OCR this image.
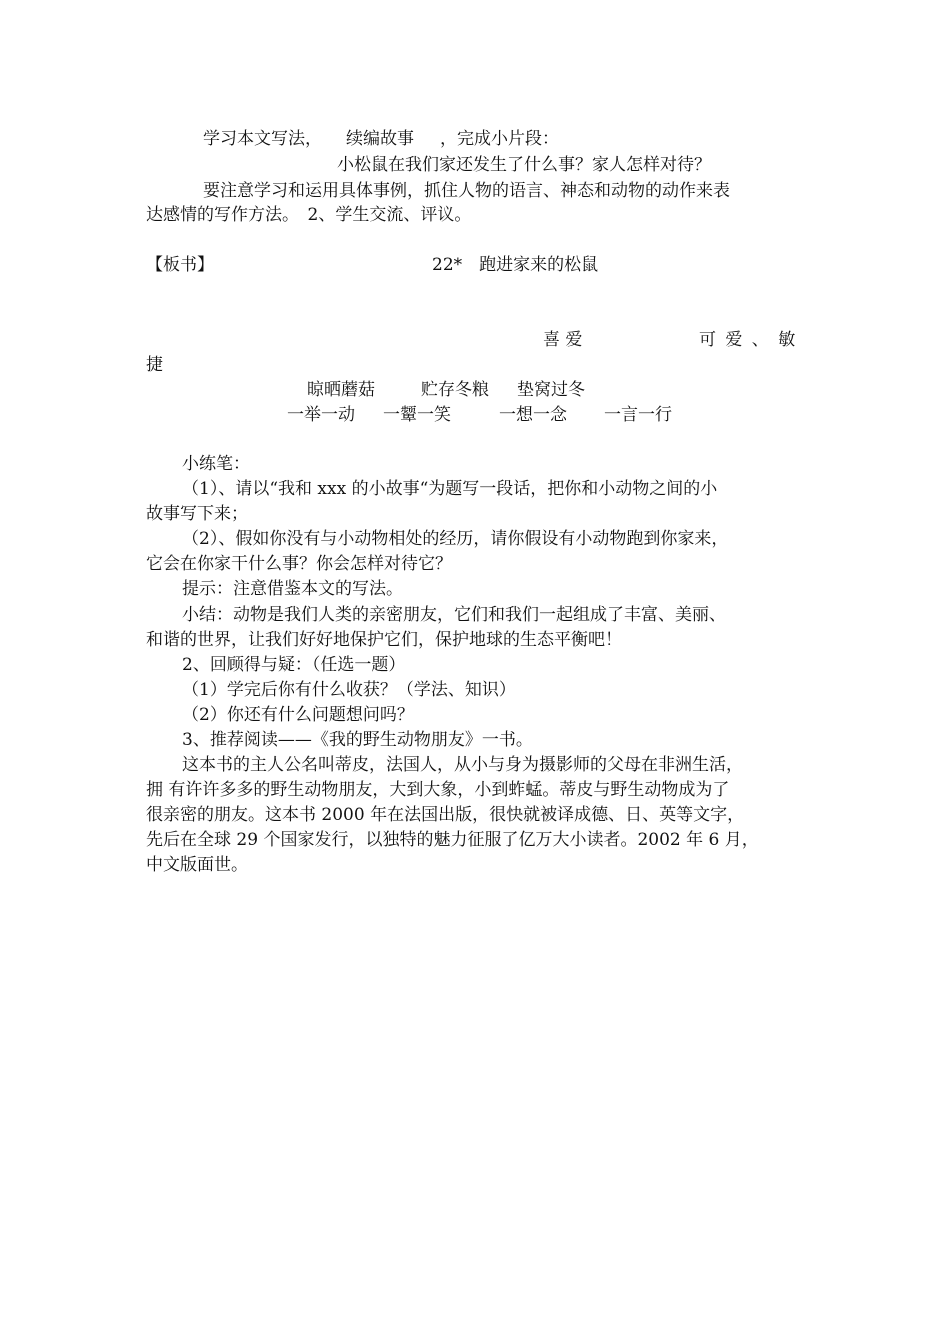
学习本文写法， 续编故事 ，完成小片段：
小松鼠在我们家还发生了什么事？家人怎样对待？
要注意学习和运用具体事例，抓住人物的语言、神态和动物的动作来表
达感情的写作方法。　2、学生交流、评议。
【板书】	22*　跑进家来的松鼠
喜 爱	可 爱 、 敏
捷
晾晒蘑菇	贮存冬粮 垫窝过冬
一举一动 一颦一笑	一想一念 一言一行
小练笔：
（1）、请以“我和 xxx 的小故事“为题写一段话，把你和小动物之间的小
故事写下来；
（2）、假如你没有与小动物相处的经历，请你假设有小动物跑到你家来，
它会在你家干什么事？你会怎样对待它？
提示：注意借鉴本文的写法。
小结：动物是我们人类的亲密朋友，它们和我们一起组成了丰富、美丽、
和谐的世界，让我们好好地保护它们，保护地球的生态平衡吧！
2、回顾得与疑：（任选一题）
（1）学完后你有什么收获？（学法、知识）
（2）你还有什么问题想问吗？
3、推荐阅读——《我的野生动物朋友》一书。
这本书的主人公名叫蒂皮，法国人，从小与身为摄影师的父母在非洲生活，
拥 有许许多多的野生动物朋友，大到大象，小到蚱蜢。蒂皮与野生动物成为了
很亲密的朋友。这本书 2000 年在法国出版，很快就被译成德、日、英等文字，
先后在全球 29 个国家发行，以独特的魅力征服了亿万大小读者。2002 年 6 月，
中文版面世。
